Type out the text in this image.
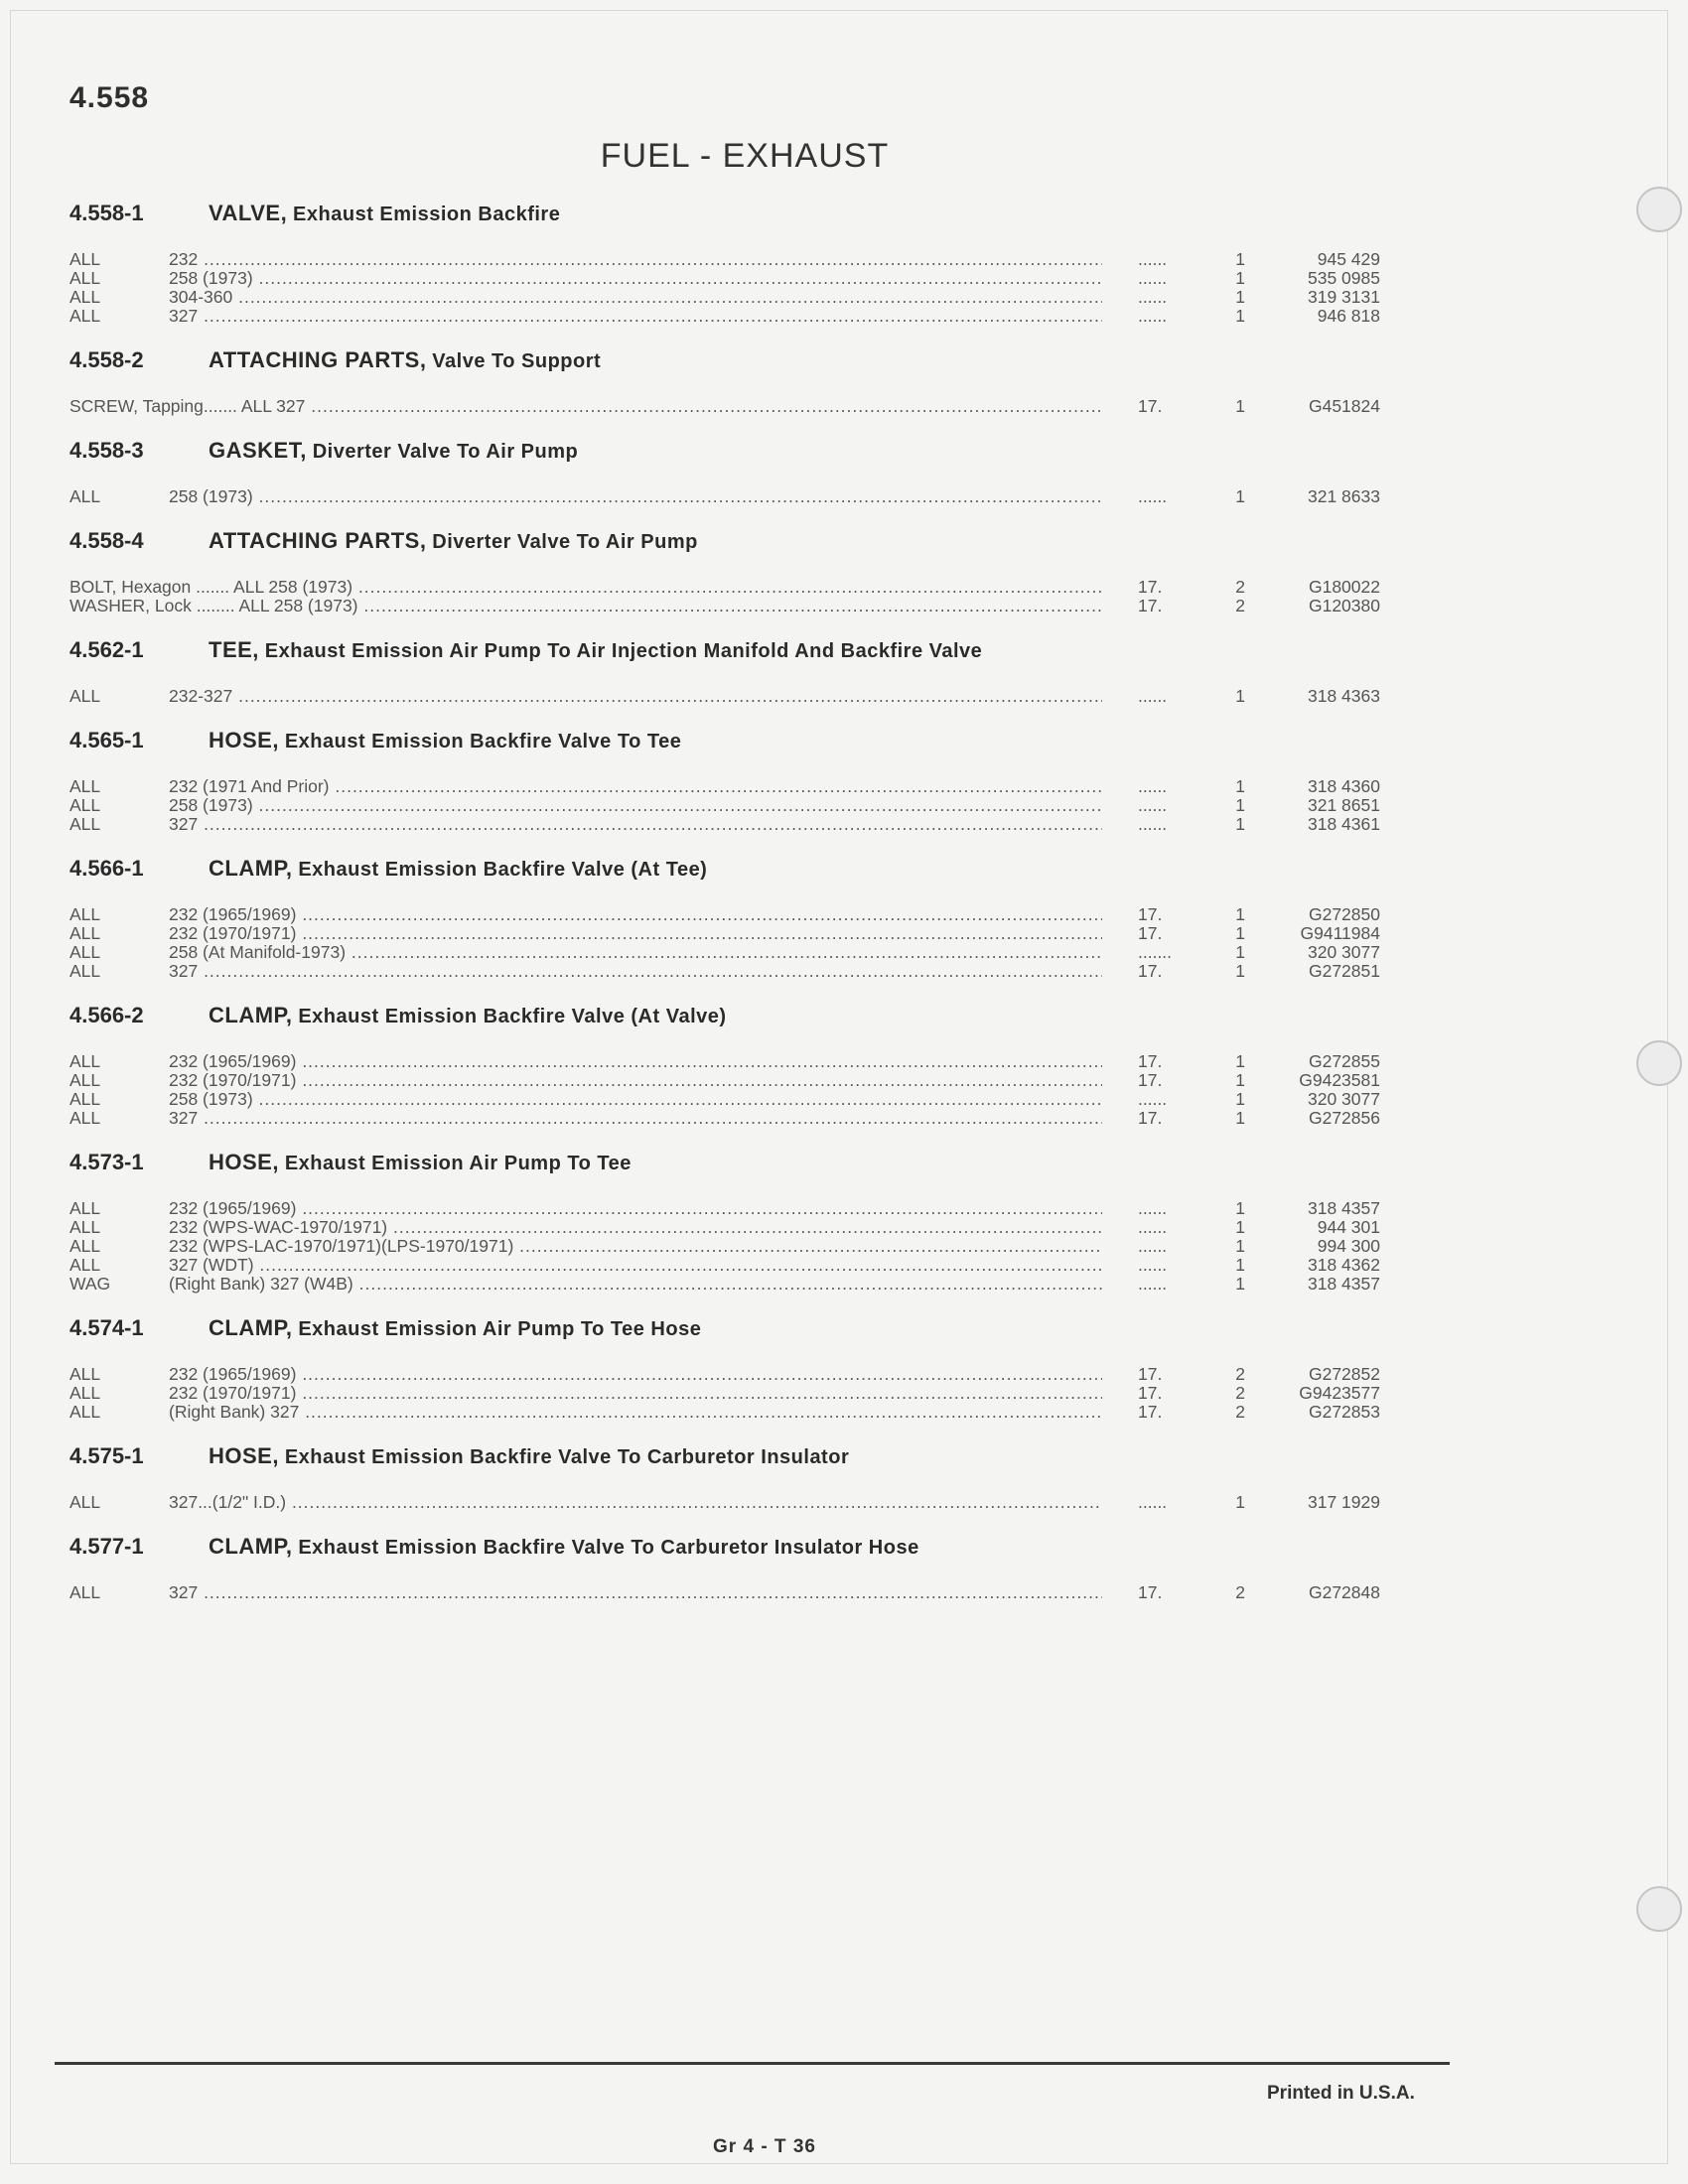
4.558
FUEL - EXHAUST
4.558-1	VALVE, Exhaust Emission Backfire
ALL	232 .....	......	1	945 429
ALL	258 (1973) .....	......	1	535 0985
ALL	304-360 .....	......	1	319 3131
ALL	327 .....	......	1	946 818
4.558-2	ATTACHING PARTS, Valve To Support
SCREW, Tapping....... ALL 327 .....	17.	1	G451824
4.558-3	GASKET, Diverter Valve To Air Pump
ALL	258 (1973) .....	......	1	321 8633
4.558-4	ATTACHING PARTS, Diverter Valve To Air Pump
BOLT, Hexagon ....... ALL 258 (1973) .....	17.	2	G180022
WASHER, Lock ........ ALL 258 (1973) .....	17.	2	G120380
4.562-1	TEE, Exhaust Emission Air Pump To Air Injection Manifold And Backfire Valve
ALL	232-327 .....	......	1	318 4363
4.565-1	HOSE, Exhaust Emission Backfire Valve To Tee
ALL	232 (1971 And Prior) .....	......	1	318 4360
ALL	258 (1973) .....	......	1	321 8651
ALL	327 .....	......	1	318 4361
4.566-1	CLAMP, Exhaust Emission Backfire Valve (At Tee)
ALL	232 (1965/1969) .....	17.	1	G272850
ALL	232 (1970/1971) .....	17.	1	G9411984
ALL	258 (At Manifold-1973) .....	.......	1	320 3077
ALL	327 .....	17.	1	G272851
4.566-2	CLAMP, Exhaust Emission Backfire Valve (At Valve)
ALL	232 (1965/1969) .....	17.	1	G272855
ALL	232 (1970/1971) .....	17.	1	G9423581
ALL	258 (1973) .....	......	1	320 3077
ALL	327 .....	17.	1	G272856
4.573-1	HOSE, Exhaust Emission Air Pump To Tee
ALL	232 (1965/1969) .....	......	1	318 4357
ALL	232 (WPS-WAC-1970/1971) .....	......	1	944 301
ALL	232 (WPS-LAC-1970/1971)(LPS-1970/1971) .....	......	1	994 300
ALL	327 (WDT) .....	......	1	318 4362
WAG	(Right Bank) 327 (W4B) .....	......	1	318 4357
4.574-1	CLAMP, Exhaust Emission Air Pump To Tee Hose
ALL	232 (1965/1969) .....	17.	2	G272852
ALL	232 (1970/1971) .....	17.	2	G9423577
ALL	(Right Bank) 327 .....	17.	2	G272853
4.575-1	HOSE, Exhaust Emission Backfire Valve To Carburetor Insulator
ALL	327...(1/2" I.D.) .....	......	1	317 1929
4.577-1	CLAMP, Exhaust Emission Backfire Valve To Carburetor Insulator Hose
ALL	327 .....	17.	2	G272848
Printed in U.S.A.
Gr 4 - T 36
